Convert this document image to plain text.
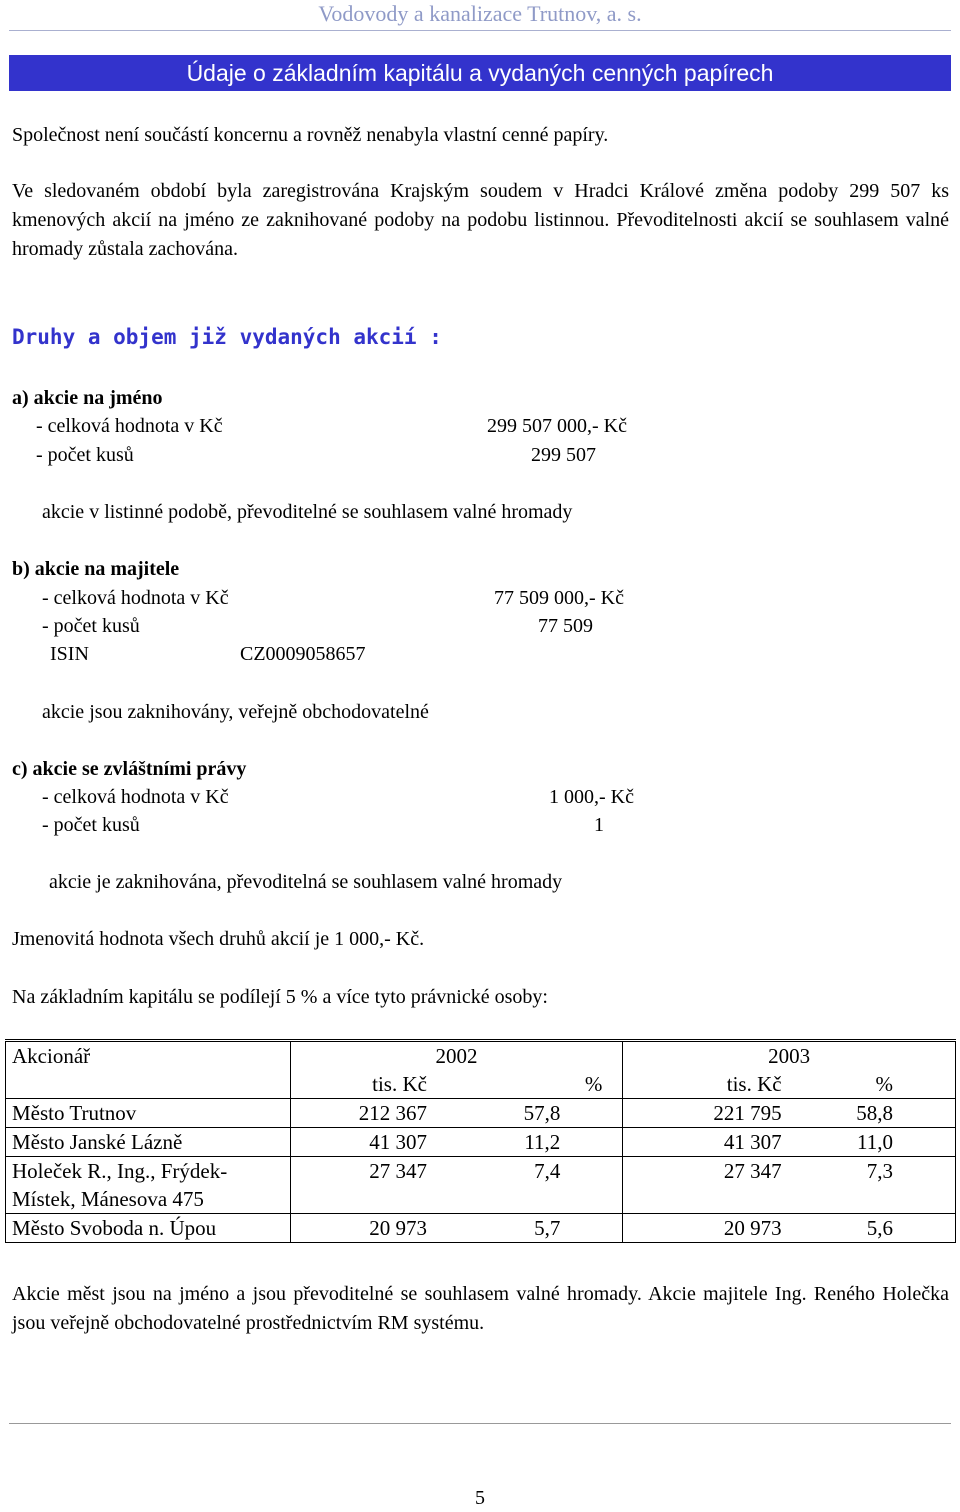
Vodovody a kanalizace Trutnov, a. s.
Údaje o základním kapitálu a vydaných cenných papírech
Společnost není součástí koncernu a rovněž nenabyla vlastní cenné papíry.
Ve sledovaném období byla zaregistrována Krajským soudem v Hradci Králové změna podoby 299 507 ks kmenových akcií na jméno ze zaknihované podoby na podobu listinnou. Převoditelnosti akcií se souhlasem valné hromady zůstala zachována.
Druhy a objem již vydaných akcií :
a) akcie na jméno
- celková hodnota v Kč	299 507 000,- Kč
- počet kusů	299 507
akcie v listinné podobě, převoditelné se souhlasem valné hromady
b) akcie na majitele
- celková hodnota v Kč	77 509 000,- Kč
- počet kusů	77 509
ISIN	CZ0009058657
akcie jsou zaknihovány, veřejně obchodovatelné
c) akcie se zvláštními právy
- celková hodnota v Kč	1 000,- Kč
- počet kusů	1
akcie je zaknihována, převoditelná se souhlasem valné hromady
Jmenovitá hodnota všech druhů akcií je 1 000,- Kč.
Na základním kapitálu se podílejí 5 % a více tyto právnické osoby:
Akcionář	2002		2003	
	tis. Kč	%	tis. Kč	%
Město Trutnov	212 367	57,8	221 795	58,8
Město Janské Lázně	41 307	11,2	41 307	11,0

Holeček R., Ing., Frýdek-
Místek, Mánesova 475	27 347	7,4	27 347	7,3
Město Svoboda n. Úpou	20 973	5,7	20 973	5,6
Akcie měst jsou na jméno a jsou převoditelné se souhlasem valné hromady. Akcie majitele Ing. Reného Holečka jsou veřejně obchodovatelné prostřednictvím RM systému.
5
